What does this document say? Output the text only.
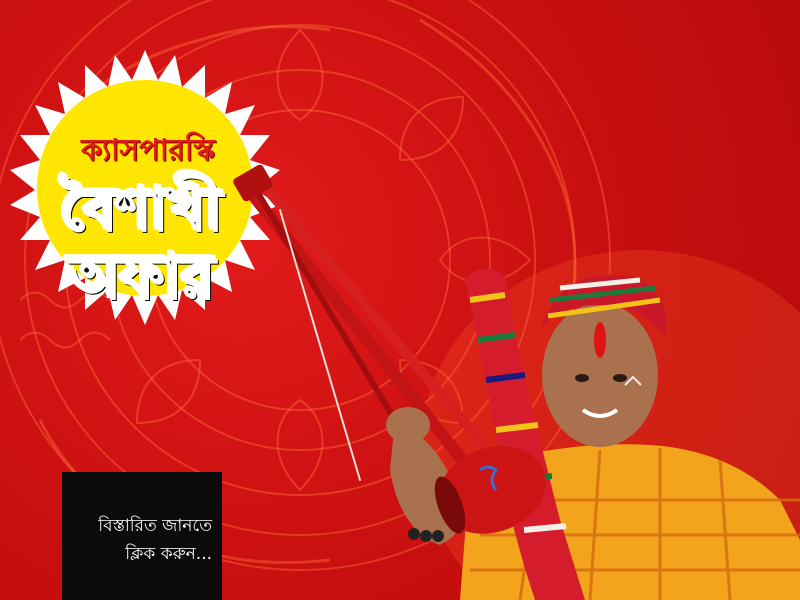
ক্যাসপারস্কি
বৈশাখী
অফার
বিস্তারিত জানতে
ক্লিক করুন...
